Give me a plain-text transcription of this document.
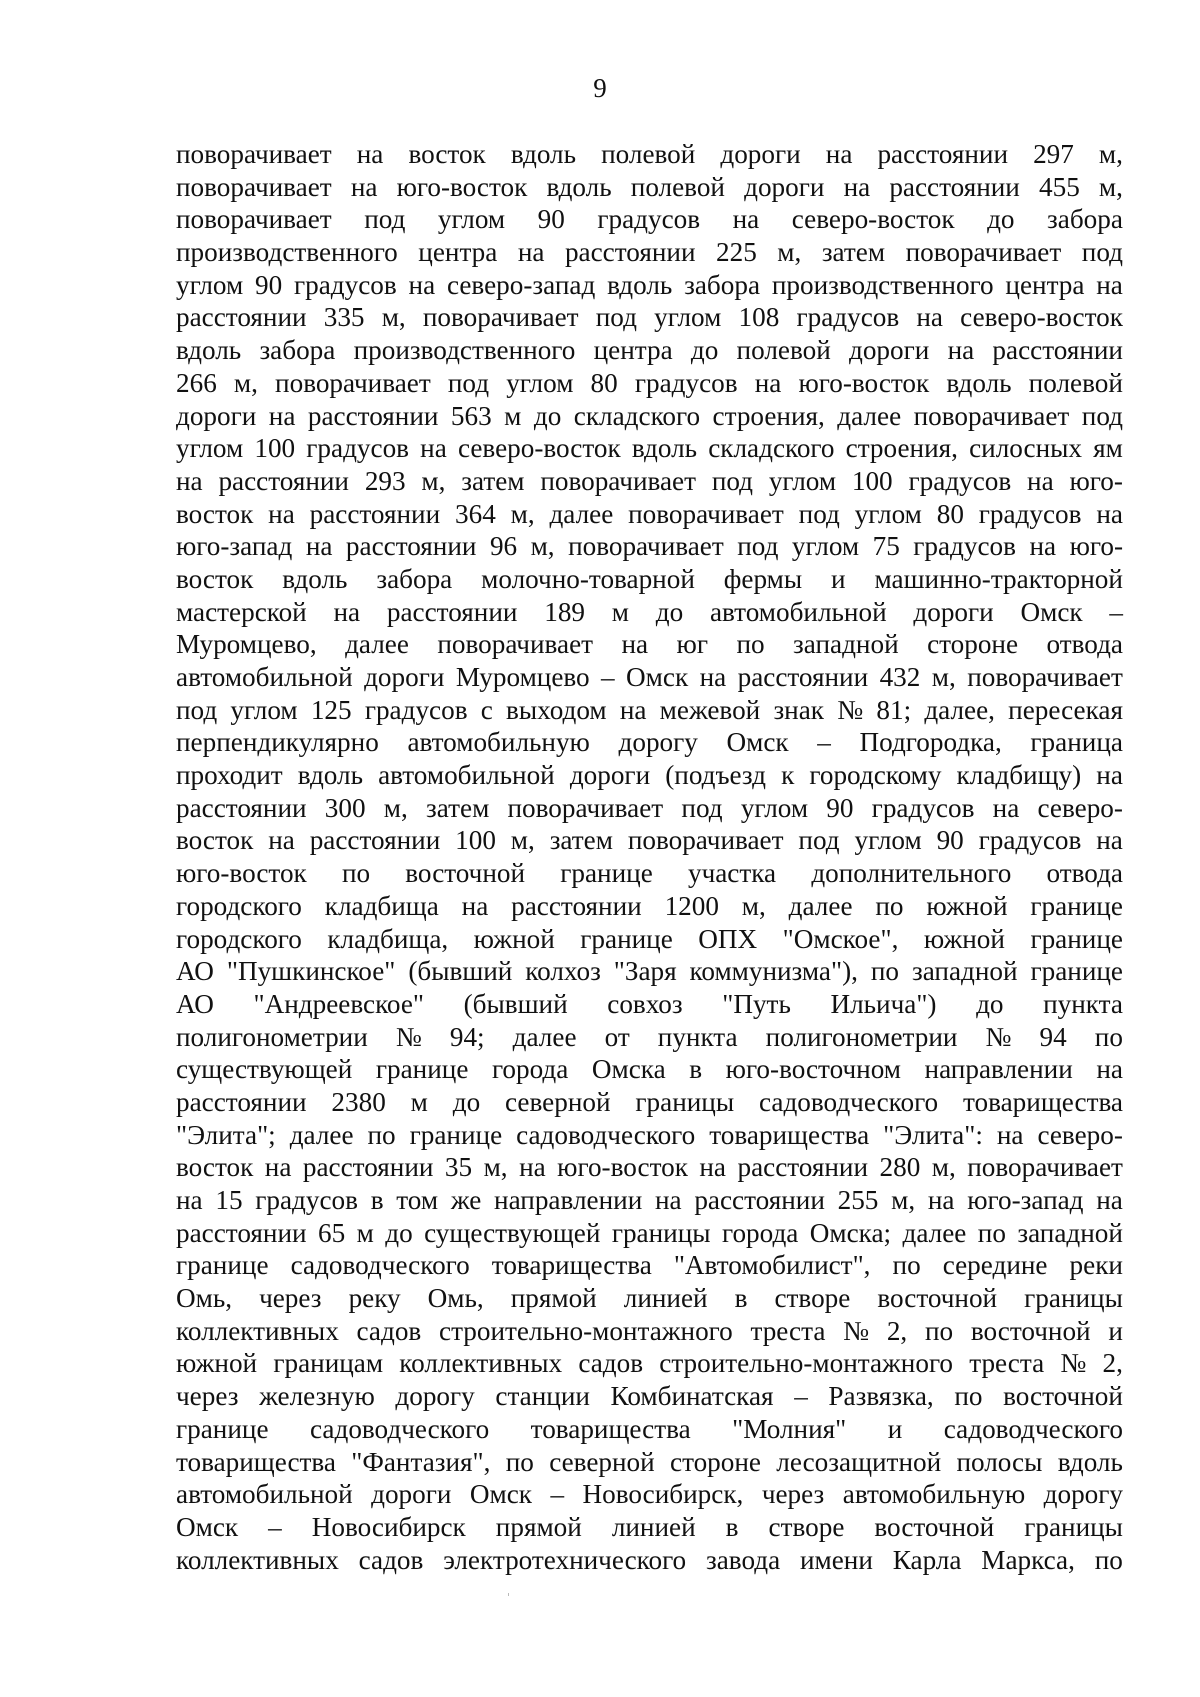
9
поворачивает на восток вдоль полевой дороги на расстоянии 297 м,
поворачивает на юго-восток вдоль полевой дороги на расстоянии 455 м,
поворачивает под углом 90 градусов на северо-восток до забора
производственного центра на расстоянии 225 м, затем поворачивает под
углом 90 градусов на северо-запад вдоль забора производственного центра на
расстоянии 335 м, поворачивает под углом 108 градусов на северо-восток
вдоль забора производственного центра до полевой дороги на расстоянии
266 м, поворачивает под углом 80 градусов на юго-восток вдоль полевой
дороги на расстоянии 563 м до складского строения, далее поворачивает под
углом 100 градусов на северо-восток вдоль складского строения, силосных ям
на расстоянии 293 м, затем поворачивает под углом 100 градусов на юго-
восток на расстоянии 364 м, далее поворачивает под углом 80 градусов на
юго-запад на расстоянии 96 м, поворачивает под углом 75 градусов на юго-
восток вдоль забора молочно-товарной фермы и машинно-тракторной
мастерской на расстоянии 189 м до автомобильной дороги Омск –
Муромцево, далее поворачивает на юг по западной стороне отвода
автомобильной дороги Муромцево – Омск на расстоянии 432 м, поворачивает
под углом 125 градусов с выходом на межевой знак № 81; далее, пересекая
перпендикулярно автомобильную дорогу Омск – Подгородка, граница
проходит вдоль автомобильной дороги (подъезд к городскому кладбищу) на
расстоянии 300 м, затем поворачивает под углом 90 градусов на северо-
восток на расстоянии 100 м, затем поворачивает под углом 90 градусов на
юго-восток по восточной границе участка дополнительного отвода
городского кладбища на расстоянии 1200 м, далее по южной границе
городского кладбища, южной границе ОПХ "Омское", южной границе
АО "Пушкинское" (бывший колхоз "Заря коммунизма"), по западной границе
АО "Андреевское" (бывший совхоз "Путь Ильича") до пункта
полигонометрии № 94; далее от пункта полигонометрии № 94 по
существующей границе города Омска в юго-восточном направлении на
расстоянии 2380 м до северной границы садоводческого товарищества
"Элита"; далее по границе садоводческого товарищества "Элита": на северо-
восток на расстоянии 35 м, на юго-восток на расстоянии 280 м, поворачивает
на 15 градусов в том же направлении на расстоянии 255 м, на юго-запад на
расстоянии 65 м до существующей границы города Омска; далее по западной
границе садоводческого товарищества "Автомобилист", по середине реки
Омь, через реку Омь, прямой линией в створе восточной границы
коллективных садов строительно-монтажного треста № 2, по восточной и
южной границам коллективных садов строительно-монтажного треста № 2,
через железную дорогу станции Комбинатская – Развязка, по восточной
границе садоводческого товарищества "Молния" и садоводческого
товарищества "Фантазия", по северной стороне лесозащитной полосы вдоль
автомобильной дороги Омск – Новосибирск, через автомобильную дорогу
Омск – Новосибирск прямой линией в створе восточной границы
коллективных садов электротехнического завода имени Карла Маркса, по
